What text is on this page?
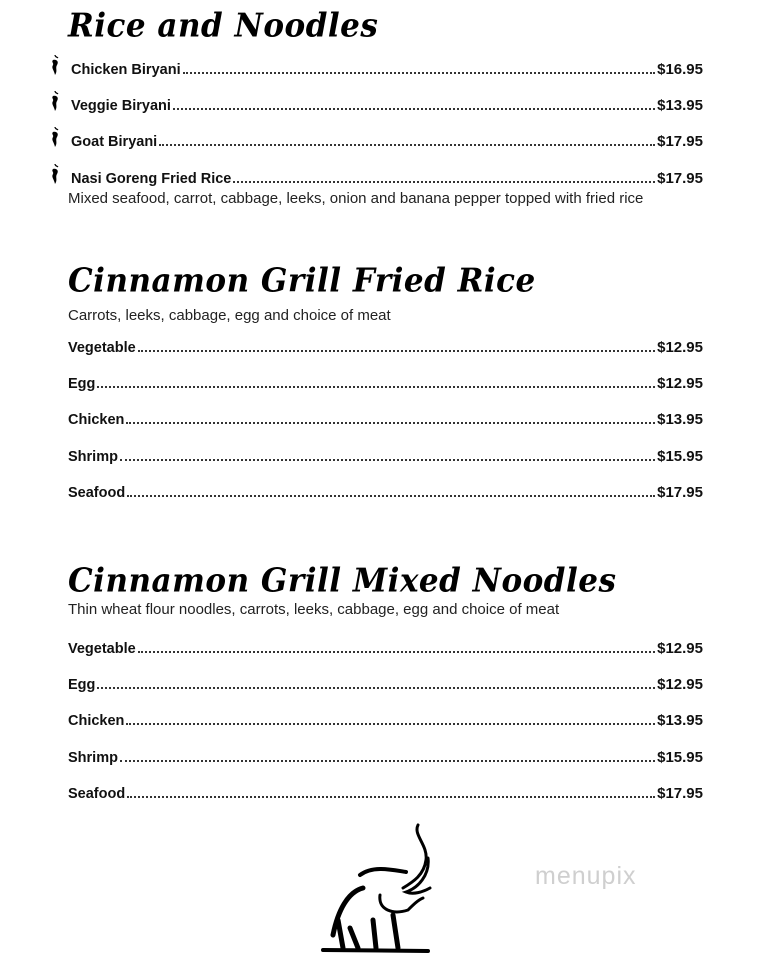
Rice and Noodles
Chicken Biryani	$16.95
Veggie Biryani	$13.95
Goat Biryani	$17.95
Nasi Goreng Fried Rice	$17.95
Mixed seafood, carrot, cabbage, leeks, onion and banana pepper topped with fried rice
Cinnamon Grill Fried Rice
Carrots, leeks, cabbage, egg and choice of meat
Vegetable	$12.95
Egg	$12.95
Chicken	$13.95
Shrimp	$15.95
Seafood	$17.95
Cinnamon Grill Mixed Noodles
Thin wheat flour noodles, carrots, leeks, cabbage, egg and choice of meat
Vegetable	$12.95
Egg	$12.95
Chicken	$13.95
Shrimp	$15.95
Seafood	$17.95
menupix
